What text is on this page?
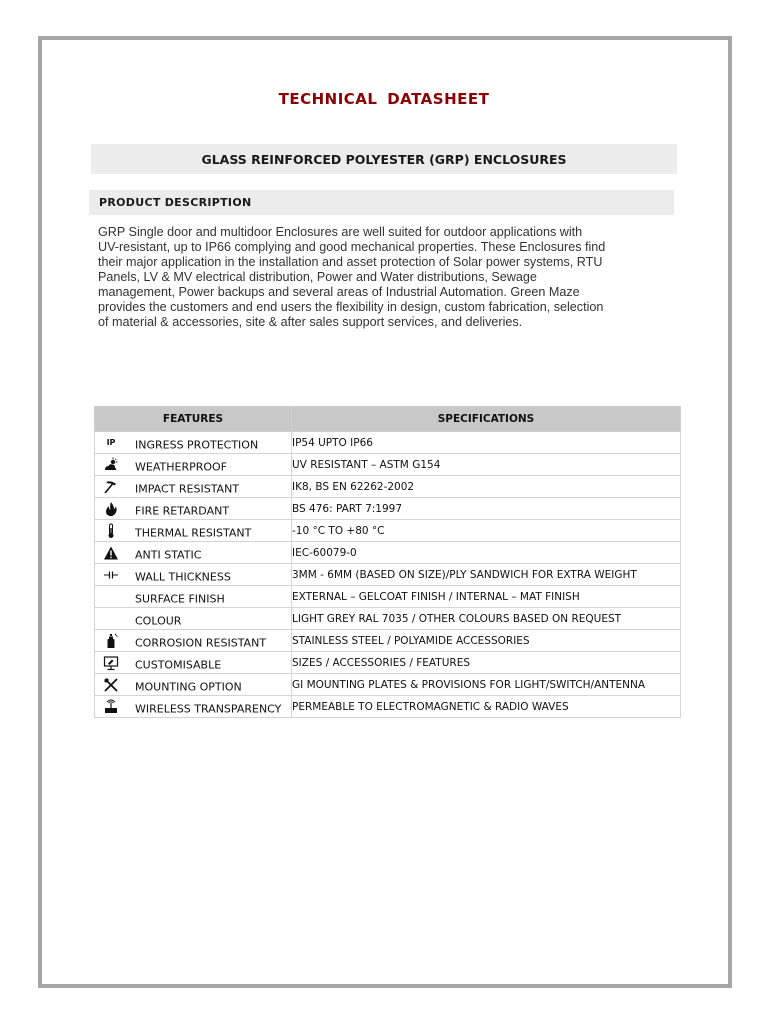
TECHNICAL DATASHEET
GLASS REINFORCED POLYESTER (GRP) ENCLOSURES
PRODUCT DESCRIPTION

GRP Single door and multidoor Enclosures are well suited for outdoor applications with
UV-resistant, up to IP66 complying and good mechanical properties. These Enclosures find
their major application in the installation and asset protection of Solar power systems, RTU
Panels, LV & MV electrical distribution, Power and Water distributions, Sewage
management, Power backups and several areas of Industrial Automation. Green Maze
provides the customers and end users the flexibility in design, custom fabrication, selection
of material & accessories, site & after sales support services, and deliveries.

FEATURES	SPECIFICATIONS

IP INGRESS PROTECTION	IP54 UPTO IP66

WEATHERPROOF	UV RESISTANT – ASTM G154

IMPACT RESISTANT	IK8, BS EN 62262-2002

FIRE RETARDANT	BS 476: PART 7:1997

THERMAL RESISTANT	-10 °C TO +80 °C

ANTI STATIC	IEC-60079-0

WALL THICKNESS	3MM - 6MM (BASED ON SIZE)/PLY SANDWICH FOR EXTRA WEIGHT

SURFACE FINISH	EXTERNAL – GELCOAT FINISH / INTERNAL – MAT FINISH

COLOUR	LIGHT GREY RAL 7035 / OTHER COLOURS BASED ON REQUEST

CORROSION RESISTANT	STAINLESS STEEL / POLYAMIDE ACCESSORIES

CUSTOMISABLE	SIZES / ACCESSORIES / FEATURES

MOUNTING OPTION	GI MOUNTING PLATES & PROVISIONS FOR LIGHT/SWITCH/ANTENNA

WIRELESS TRANSPARENCY	PERMEABLE TO ELECTROMAGNETIC & RADIO WAVES
